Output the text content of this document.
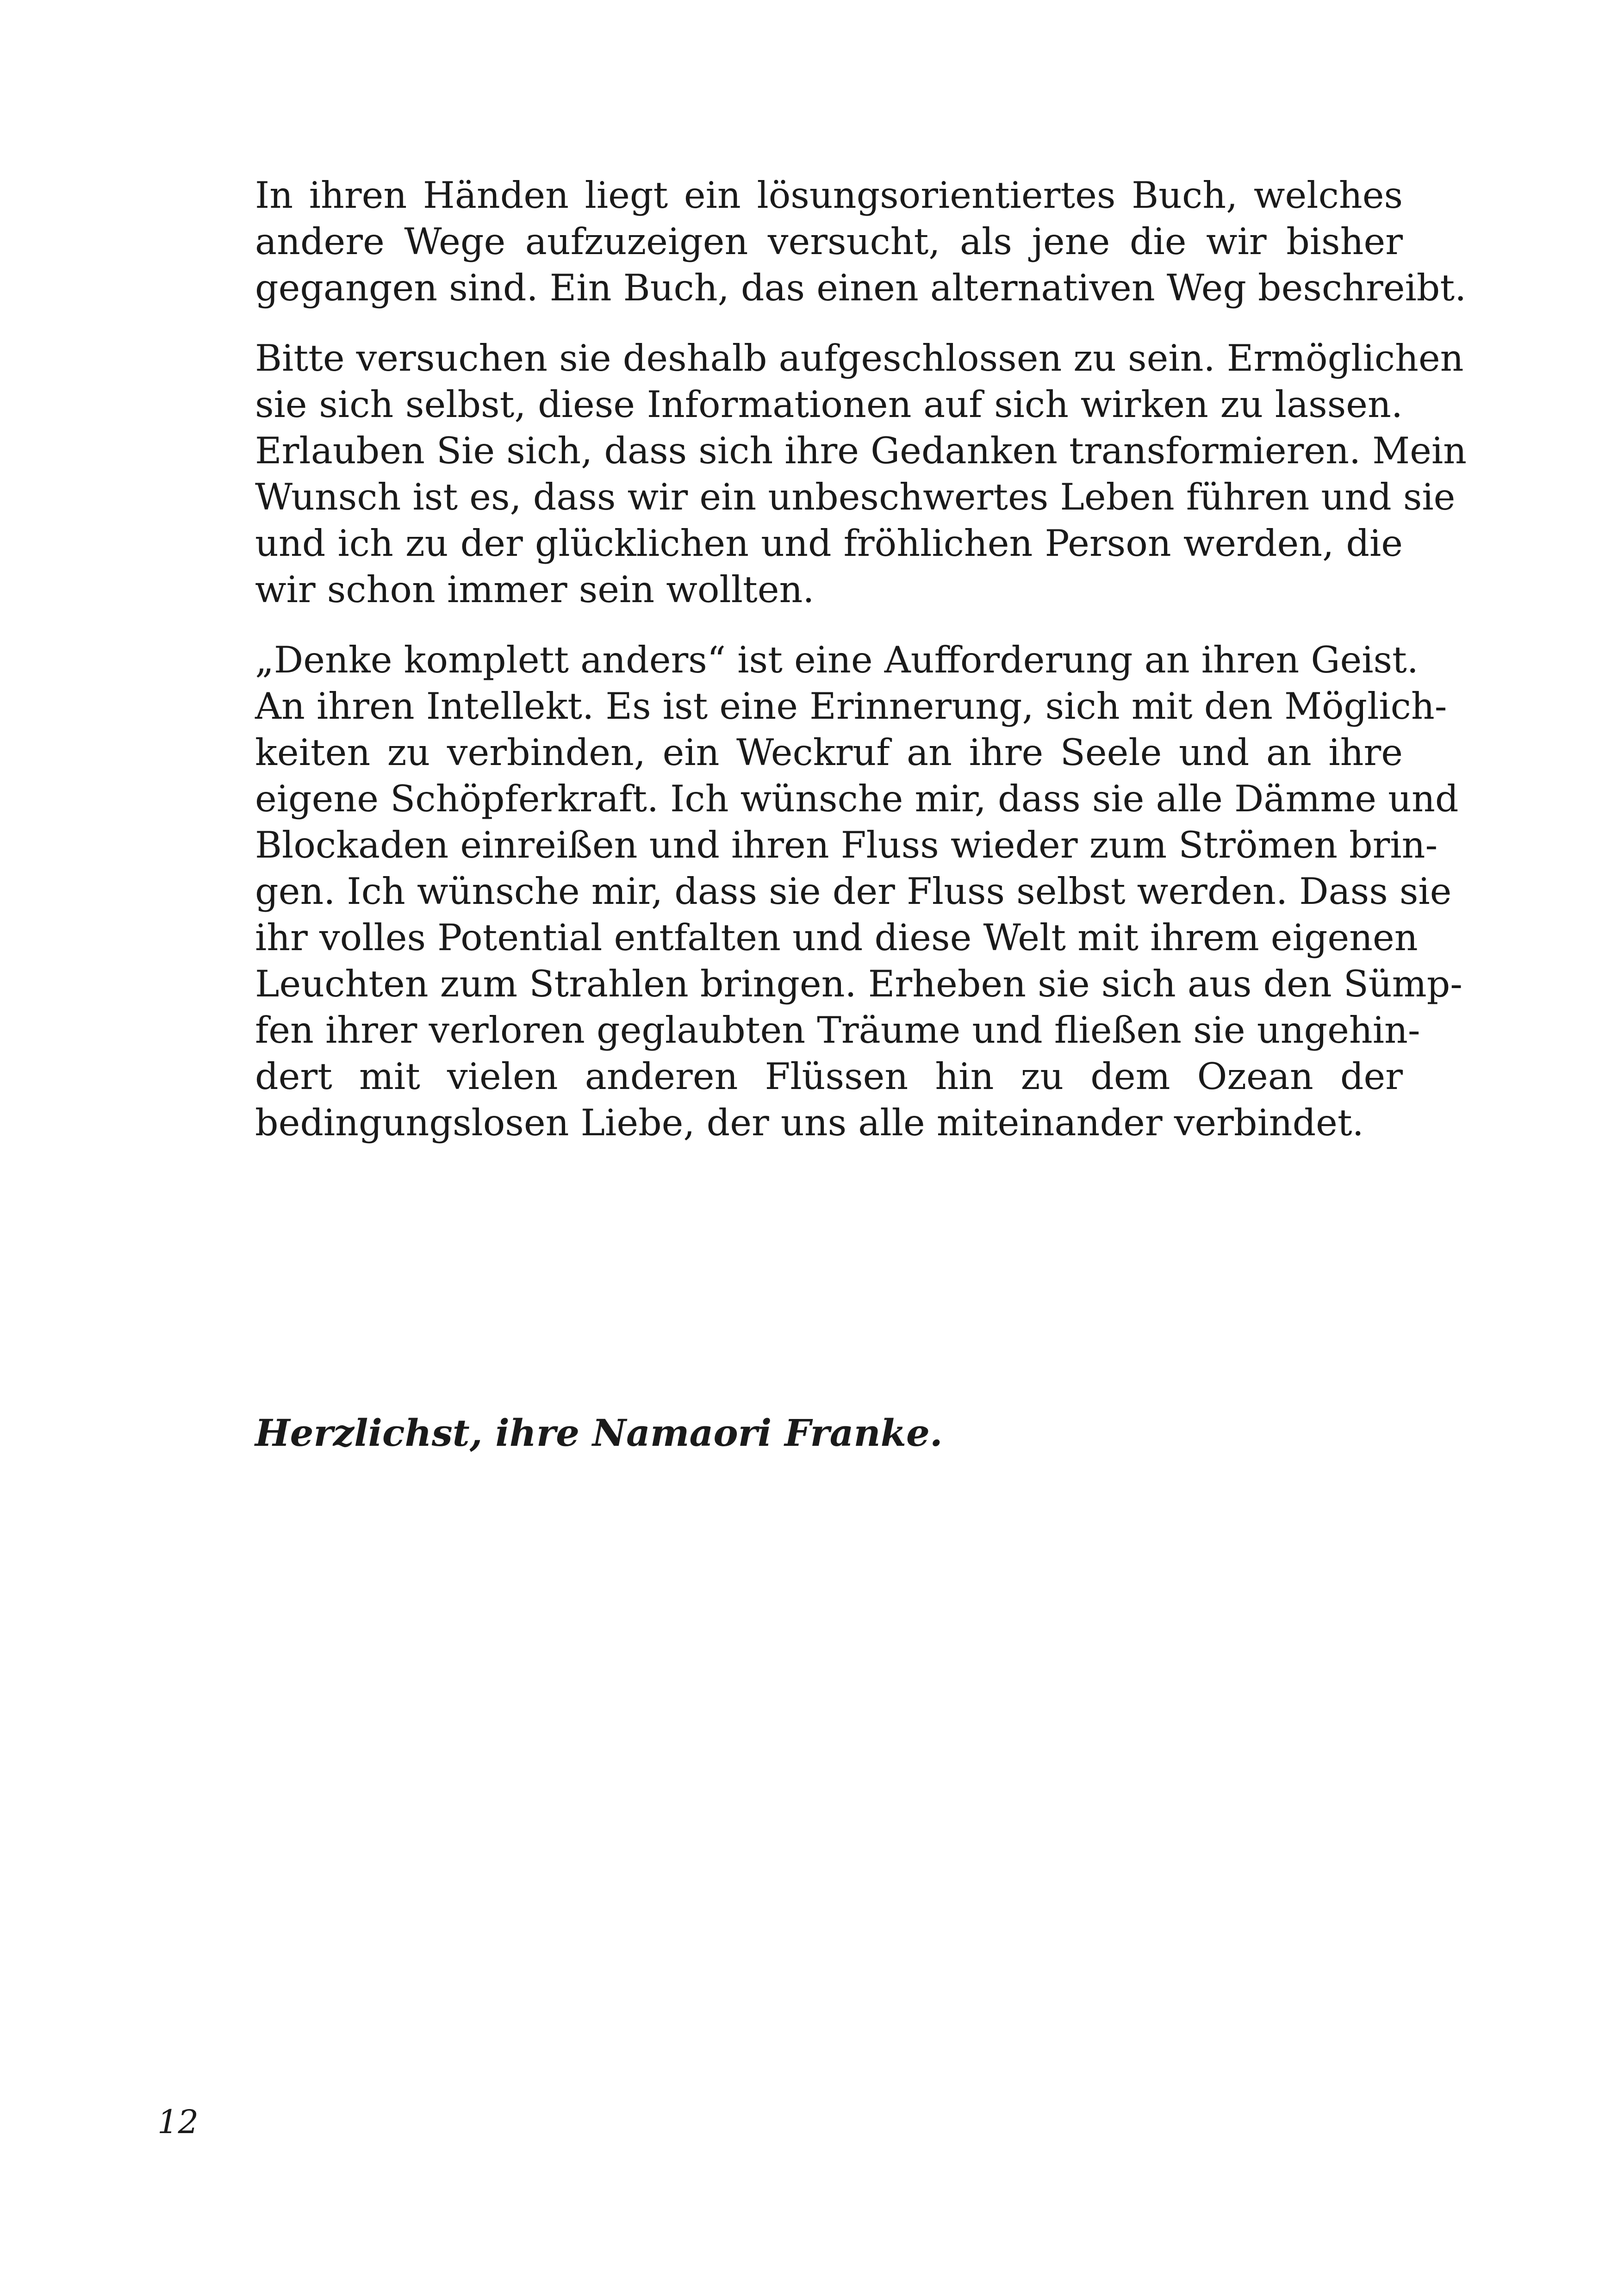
In ihren Händen liegt ein lösungsorientiertes Buch, welches
andere Wege aufzuzeigen versucht, als jene die wir bisher
gegangen sind. Ein Buch, das einen alternativen Weg beschreibt.

Bitte versuchen sie deshalb aufgeschlossen zu sein. Ermöglichen
sie sich selbst, diese Informationen auf sich wirken zu lassen.
Erlauben Sie sich, dass sich ihre Gedanken transformieren. Mein
Wunsch ist es, dass wir ein unbeschwertes Leben führen und sie
und ich zu der glücklichen und fröhlichen Person werden, die
wir schon immer sein wollten.

„Denke komplett anders“ ist eine Aufforderung an ihren Geist.
An ihren Intellekt. Es ist eine Erinnerung, sich mit den Möglich-
keiten zu verbinden, ein Weckruf an ihre Seele und an ihre
eigene Schöpferkraft. Ich wünsche mir, dass sie alle Dämme und
Blockaden einreißen und ihren Fluss wieder zum Strömen brin-
gen. Ich wünsche mir, dass sie der Fluss selbst werden. Dass sie
ihr volles Potential entfalten und diese Welt mit ihrem eigenen
Leuchten zum Strahlen bringen. Erheben sie sich aus den Sümp-
fen ihrer verloren geglaubten Träume und fließen sie ungehin-
dert mit vielen anderen Flüssen hin zu dem Ozean der
bedingungslosen Liebe, der uns alle miteinander verbindet.

Herzlichst, ihre Namaori Franke.
12
